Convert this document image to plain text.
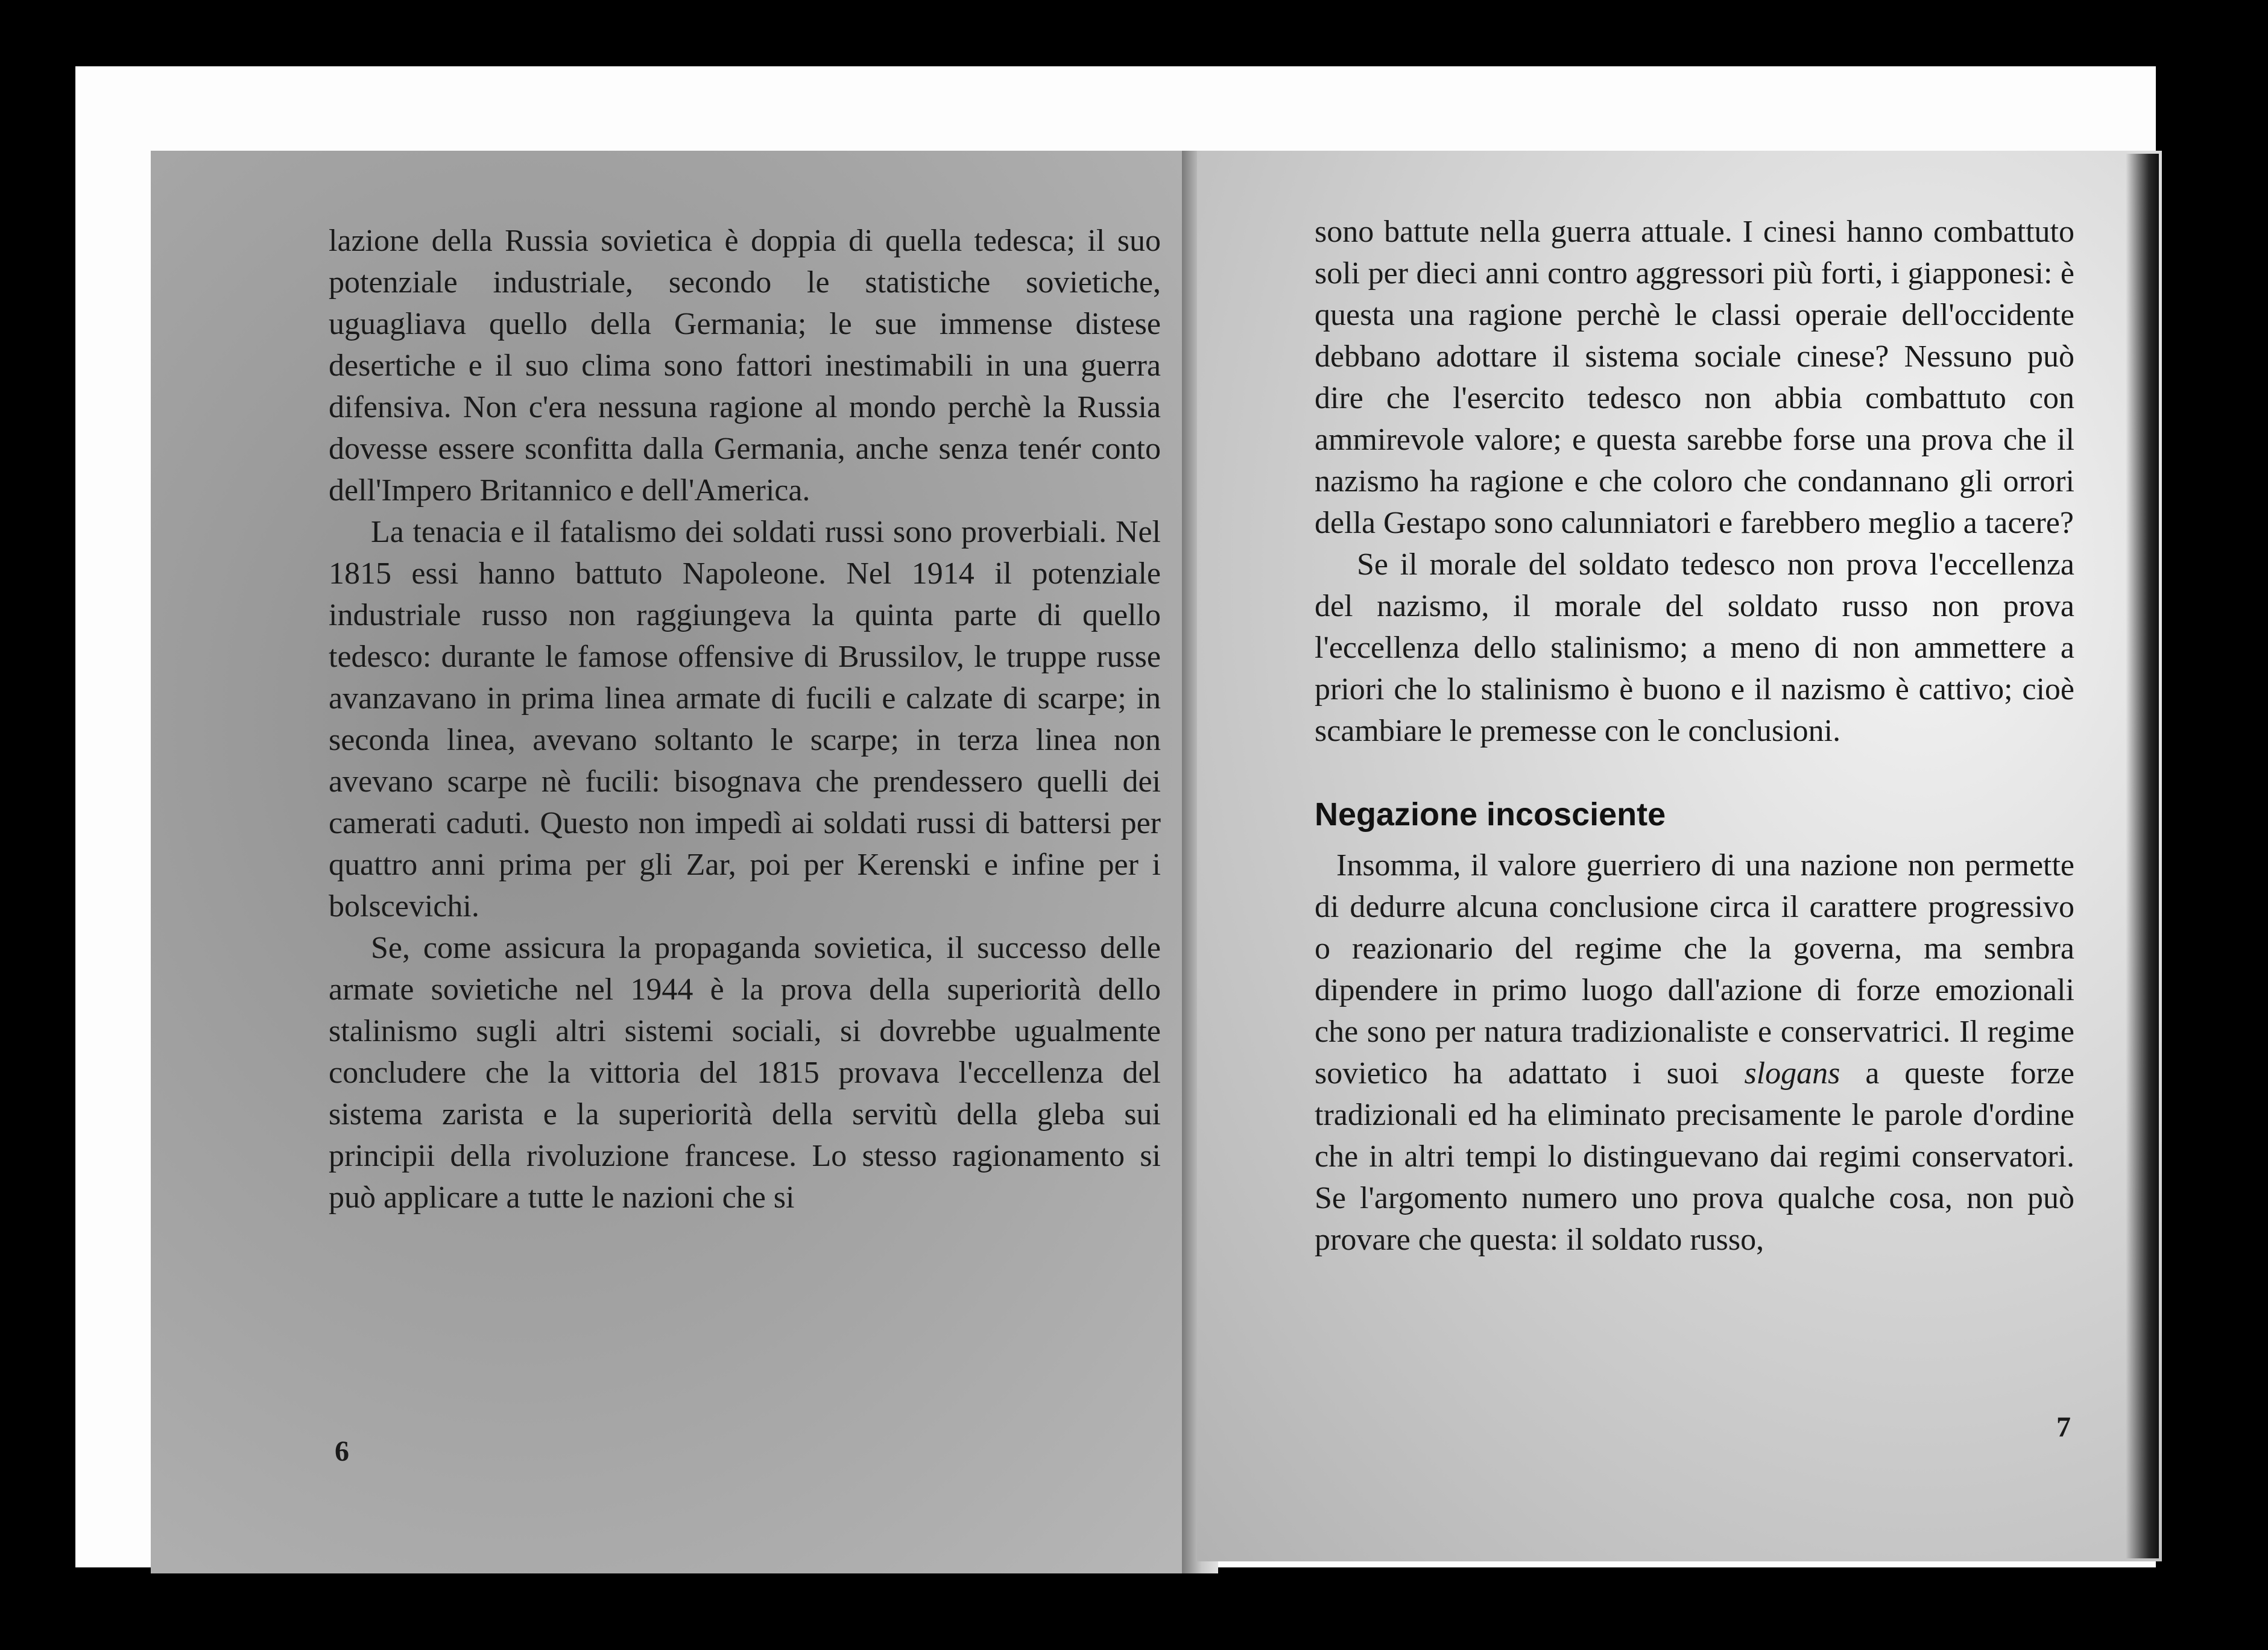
lazione della Russia sovietica è doppia di quella tedesca; il suo potenziale industriale, secondo le statistiche sovietiche, uguagliava quello della Germania; le sue immense distese desertiche e il suo clima sono fattori inestimabili in una guerra difensiva. Non c'era nessuna ragione al mondo perchè la Russia dovesse essere sconfitta dalla Germania, anche senza tenér conto dell'Impero Britannico e dell'America.

La tenacia e il fatalismo dei soldati russi sono proverbiali. Nel 1815 essi hanno battuto Napoleone. Nel 1914 il potenziale industriale russo non raggiungeva la quinta parte di quello tedesco: durante le famose offensive di Brussilov, le truppe russe avanzavano in prima linea armate di fucili e calzate di scarpe; in seconda linea, avevano soltanto le scarpe; in terza linea non avevano scarpe nè fucili: bisognava che prendessero quelli dei camerati caduti. Questo non impedì ai soldati russi di battersi per quattro anni prima per gli Zar, poi per Kerenski e infine per i bolscevichi.

Se, come assicura la propaganda sovietica, il successo delle armate sovietiche nel 1944 è la prova della superiorità dello stalinismo sugli altri sistemi sociali, si dovrebbe ugualmente concludere che la vittoria del 1815 provava l'eccellenza del sistema zarista e la superiorità della servitù della gleba sui principii della rivoluzione francese. Lo stesso ragionamento si può applicare a tutte le nazioni che si

6

sono battute nella guerra attuale. I cinesi hanno combattuto soli per dieci anni contro aggressori più forti, i giapponesi: è questa una ragione perchè le classi operaie dell'occidente debbano adottare il sistema sociale cinese? Nessuno può dire che l'esercito tedesco non abbia combattuto con ammirevole valore; e questa sarebbe forse una prova che il nazismo ha ragione e che coloro che condannano gli orrori della Gestapo sono calunniatori e farebbero meglio a tacere?

Se il morale del soldato tedesco non prova l'eccellenza del nazismo, il morale del soldato russo non prova l'eccellenza dello stalinismo; a meno di non ammettere a priori che lo stalinismo è buono e il nazismo è cattivo; cioè scambiare le premesse con le conclusioni.

Negazione incosciente

Insomma, il valore guerriero di una nazione non permette di dedurre alcuna conclusione circa il carattere progressivo o reazionario del regime che la governa, ma sembra dipendere in primo luogo dall'azione di forze emozionali che sono per natura tradizionaliste e conservatrici. Il regime sovietico ha adattato i suoi slogans a queste forze tradizionali ed ha eliminato precisamente le parole d'ordine che in altri tempi lo distinguevano dai regimi conservatori. Se l'argomento numero uno prova qualche cosa, non può provare che questa: il soldato russo,

7
